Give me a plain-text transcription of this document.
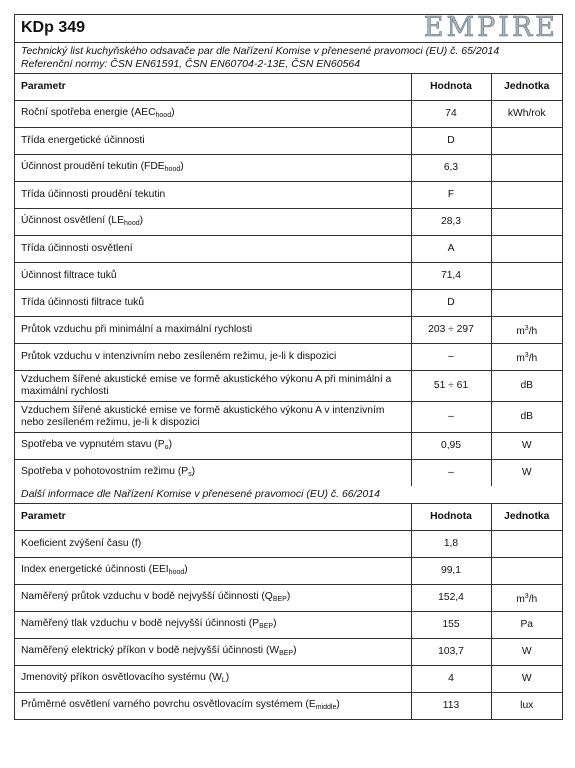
KDp 349	EMPIRE
Technický list kuchyňského odsavače par dle Nařízení Komise v přenesené pravomoci (EU) č. 65/2014
Referenční normy: ČSN EN61591, ČSN EN60704-2-13E, ČSN EN60564
Parametr	Hodnota	Jednotka
Roční spotřeba energie $(AEC_{hood})$	74	kWh/rok
Třída energetické účinnosti	D	
Účinnost proudění tekutin $(FDE_{hood})$	6,3	
Třída účinnosti proudění tekutin	F	
Účinnost osvětlení $(LE_{hood})$	28,3	
Třída účinnosti osvětlení	A	
Účinnost filtrace tuků	71,4	
Třída účinnosti filtrace tuků	D	
Průtok vzduchu při minimální a maximální rychlosti	203 ÷ 297	$m^3/h$
Průtok vzduchu v intenzivním nebo zesíleném režimu, je-li k dispozici	–	$m^3/h$
Vzduchem šířené akustické emise ve formě akustického výkonu A při minimální a maximální rychlosti	51 ÷ 61	dB
Vzduchem šířené akustické emise ve formě akustického výkonu A v intenzivním nebo zesíleném režimu, je-li k dispozici	–	dB
Spotřeba ve vypnutém stavu $(P_o)$	0,95	W
Spotřeba v pohotovostním režimu $(P_s)$	–	W
Další informace dle Nařízení Komise v přenesené pravomoci (EU) č. 66/2014
Parametr	Hodnota	Jednotka
Koeficient zvýšení času (f)	1,8	
Index energetické účinnosti $(EEI_{hood})$	99,1	
Naměřený průtok vzduchu v bodě nejvyšší účinnosti $(Q_{BEP})$	152,4	$m^3/h$
Naměřený tlak vzduchu v bodě nejvyšší účinnosti $(P_{BEP})$	155	Pa
Naměřený elektrický příkon v bodě nejvyšší účinnosti $(W_{BEP})$	103,7	W
Jmenovitý příkon osvětlovacího systému $(W_L)$	4	W
Průměrné osvětlení varného povrchu osvětlovacím systémem $(E_{middle})$	113	lux
